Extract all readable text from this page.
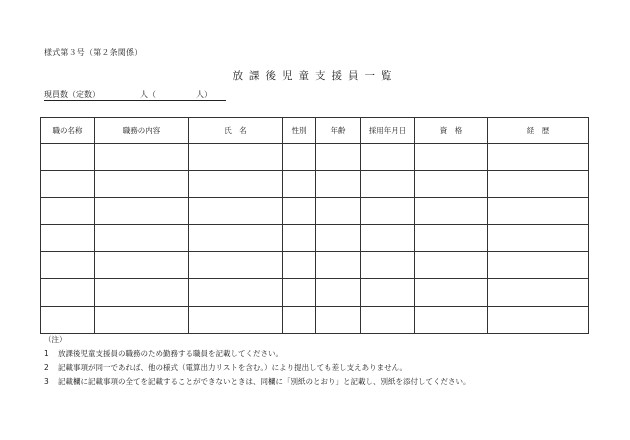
様式第３号（第２条関係）
放課後児童支援員一覧
現員数（定数）	人（	人）
職の名称	職務の内容	氏　名	性別	年齢	採用年月日	資　格	経　歴

（注）
1	放課後児童支援員の職務のため勤務する職員を記載してください。
2	記載事項が同一であれば、他の様式（電算出力リストを含む。）により提出しても差し支えありません。
3	記載欄に記載事項の全てを記載することができないときは、同欄に「別紙のとおり」と記載し、別紙を添付してください。
